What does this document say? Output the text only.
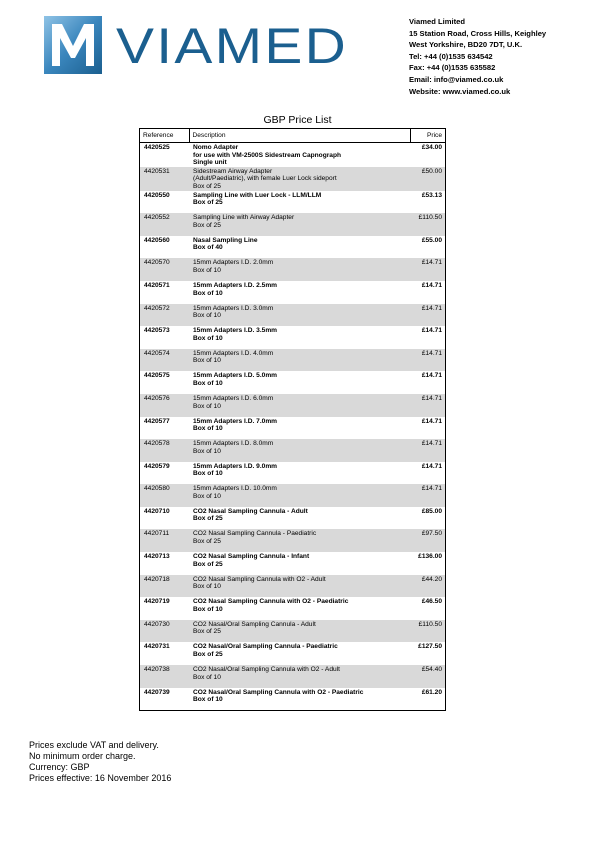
VIAMED	Viamed Limited
15 Station Road, Cross Hills, Keighley
West Yorkshire, BD20 7DT, U.K.
Tel: +44 (0)1535 634542
Fax: +44 (0)1535 635582
Email: info@viamed.co.uk
Website: www.viamed.co.uk
GBP Price List
Reference	Description	Price
4420525	Nomo Adapter
for use with VM-2500S Sidestream Capnograph
Single unit	£34.00
4420531	Sidestream Airway Adapter
(Adult/Paediatric), with female Luer Lock sideport
Box of 25	£50.00
4420550	Sampling Line with Luer Lock - LLM/LLM
Box of 25	£53.13
4420552	Sampling Line with Airway Adapter
Box of 25	£110.50
4420560	Nasal Sampling Line
Box of 40	£55.00
4420570	15mm Adapters I.D. 2.0mm
Box of 10	£14.71
4420571	15mm Adapters I.D. 2.5mm
Box of 10	£14.71
4420572	15mm Adapters I.D. 3.0mm
Box of 10	£14.71
4420573	15mm Adapters I.D. 3.5mm
Box of 10	£14.71
4420574	15mm Adapters I.D. 4.0mm
Box of 10	£14.71
4420575	15mm Adapters I.D. 5.0mm
Box of 10	£14.71
4420576	15mm Adapters I.D. 6.0mm
Box of 10	£14.71
4420577	15mm Adapters I.D. 7.0mm
Box of 10	£14.71
4420578	15mm Adapters I.D. 8.0mm
Box of 10	£14.71
4420579	15mm Adapters I.D. 9.0mm
Box of 10	£14.71
4420580	15mm Adapters I.D. 10.0mm
Box of 10	£14.71
4420710	CO2 Nasal Sampling Cannula - Adult
Box of 25	£85.00
4420711	CO2 Nasal Sampling Cannula - Paediatric
Box of 25	£97.50
4420713	CO2 Nasal Sampling Cannula - Infant
Box of 25	£136.00
4420718	CO2 Nasal Sampling Cannula with O2 - Adult
Box of 10	£44.20
4420719	CO2 Nasal Sampling Cannula with O2 - Paediatric
Box of 10	£46.50
4420730	CO2 Nasal/Oral Sampling Cannula - Adult
Box of 25	£110.50
4420731	CO2 Nasal/Oral Sampling Cannula - Paediatric
Box of 25	£127.50
4420738	CO2 Nasal/Oral Sampling Cannula with O2 - Adult
Box of 10	£54.40
4420739	CO2 Nasal/Oral Sampling Cannula with O2 - Paediatric
Box of 10	£61.20
Prices exclude VAT and delivery.
No minimum order charge.
Currency: GBP
Prices effective: 16 November 2016
